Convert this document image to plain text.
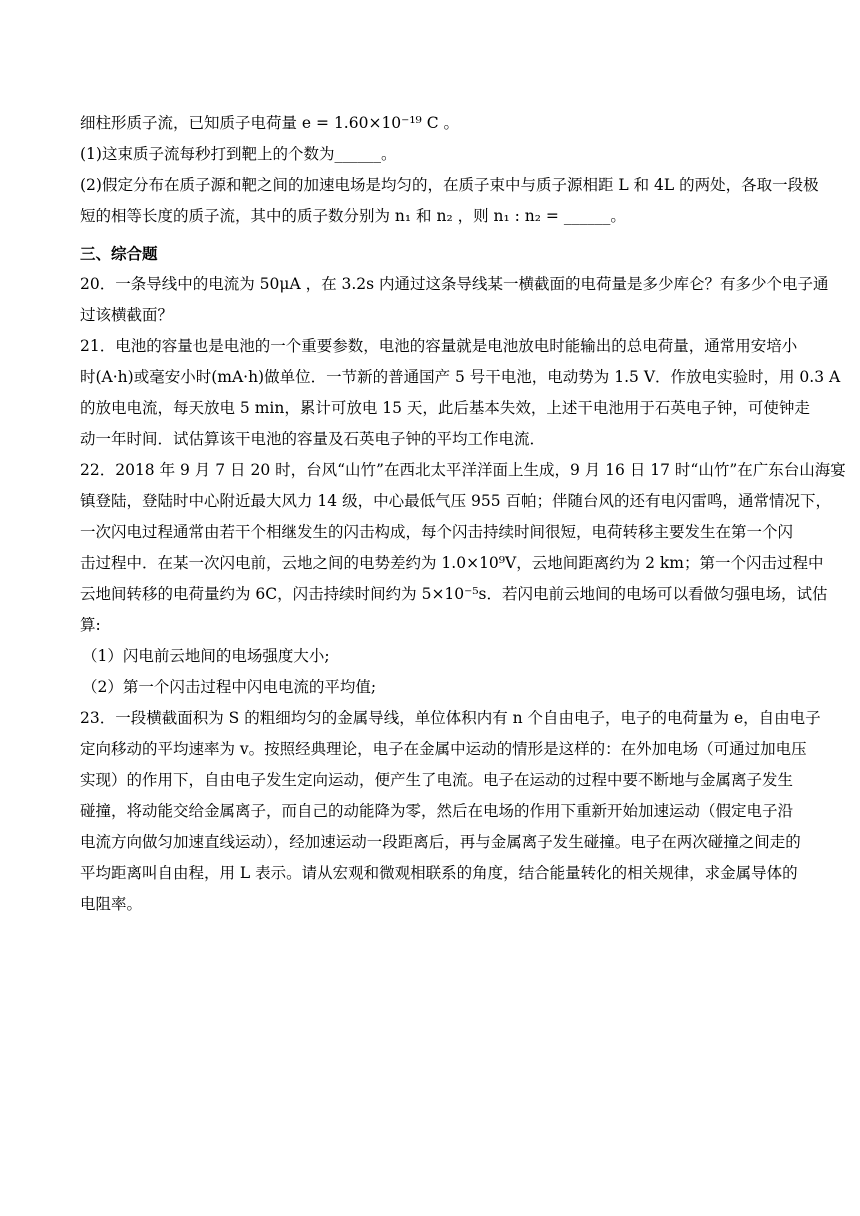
细柱形质子流，已知质子电荷量 e = 1.60×10⁻¹⁹ C 。
(1)这束质子流每秒打到靶上的个数为______。
(2)假定分布在质子源和靶之间的加速电场是均匀的，在质子束中与质子源相距 L 和 4L 的两处，各取一段极
短的相等长度的质子流，其中的质子数分别为 n₁ 和 n₂ ，则 n₁ : n₂ = ______。
三、综合题
20．一条导线中的电流为 50μA ，在 3.2s 内通过这条导线某一横截面的电荷量是多少库仑？有多少个电子通
过该横截面？
21．电池的容量也是电池的一个重要参数，电池的容量就是电池放电时能输出的总电荷量，通常用安培小
时(A·h)或毫安小时(mA·h)做单位．一节新的普通国产 5 号干电池，电动势为 1.5 V．作放电实验时，用 0.3 A
的放电电流，每天放电 5 min，累计可放电 15 天，此后基本失效，上述干电池用于石英电子钟，可使钟走
动一年时间．试估算该干电池的容量及石英电子钟的平均工作电流．
22．2018 年 9 月 7 日 20 时，台风“山竹”在西北太平洋洋面上生成，9 月 16 日 17 时“山竹”在广东台山海宴
镇登陆，登陆时中心附近最大风力 14 级，中心最低气压 955 百帕；伴随台风的还有电闪雷鸣，通常情况下，
一次闪电过程通常由若干个相继发生的闪击构成，每个闪击持续时间很短，电荷转移主要发生在第一个闪
击过程中．在某一次闪电前，云地之间的电势差约为 1.0×10⁹V，云地间距离约为 2 km；第一个闪击过程中
云地间转移的电荷量约为 6C，闪击持续时间约为 5×10⁻⁵s．若闪电前云地间的电场可以看做匀强电场，试估
算:
（1）闪电前云地间的电场强度大小;
（2）第一个闪击过程中闪电电流的平均值;
23．一段横截面积为 S 的粗细均匀的金属导线，单位体积内有 n 个自由电子，电子的电荷量为 e，自由电子
定向移动的平均速率为 v。按照经典理论，电子在金属中运动的情形是这样的：在外加电场（可通过加电压
实现）的作用下，自由电子发生定向运动，便产生了电流。电子在运动的过程中要不断地与金属离子发生
碰撞，将动能交给金属离子，而自己的动能降为零，然后在电场的作用下重新开始加速运动（假定电子沿
电流方向做匀加速直线运动），经加速运动一段距离后，再与金属离子发生碰撞。电子在两次碰撞之间走的
平均距离叫自由程，用 L 表示。请从宏观和微观相联系的角度，结合能量转化的相关规律，求金属导体的
电阻率。
